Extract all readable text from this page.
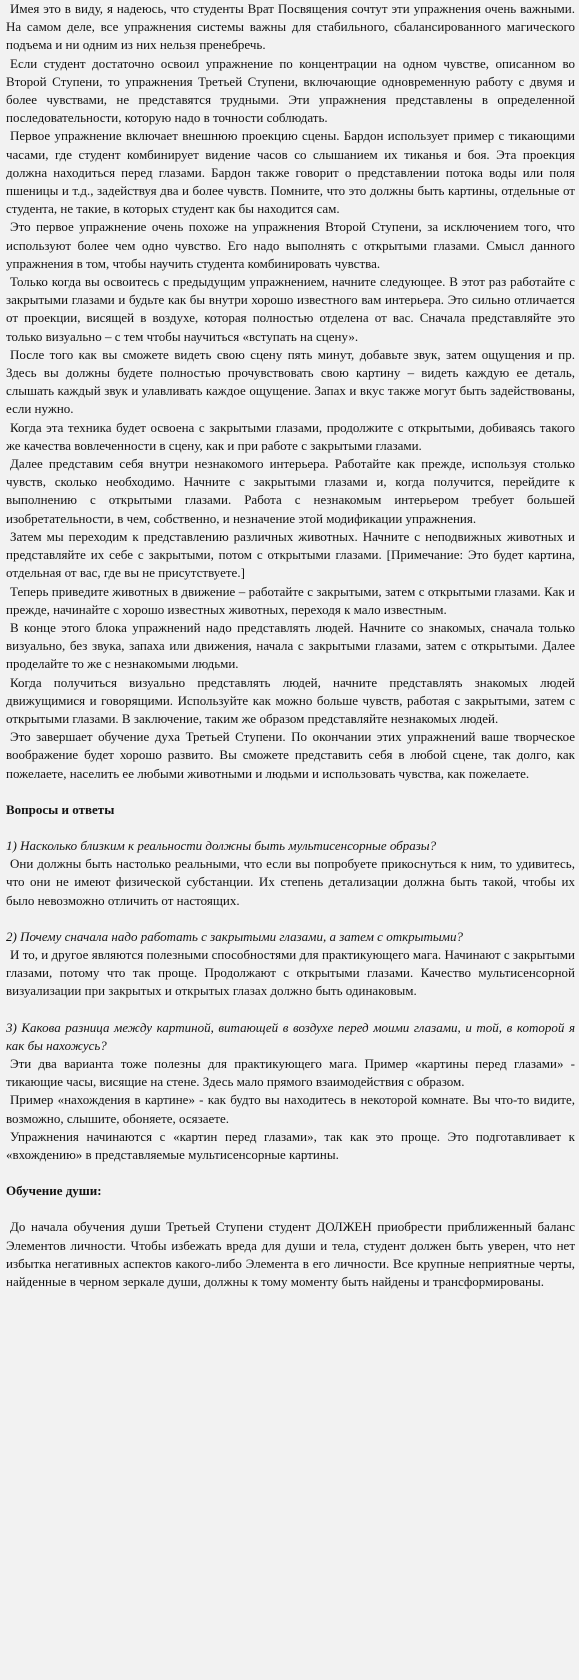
Имея это в виду, я надеюсь, что студенты Врат Посвящения сочтут эти упражнения очень важными. На самом деле, все упражнения системы важны для стабильного, сбалансированного магического подъема и ни одним из них нельзя пренебречь.

Если студент достаточно освоил упражнение по концентрации на одном чувстве, описанном во Второй Ступени, то упражнения Третьей Ступени, включающие одновременную работу с двумя и более чувствами, не представятся трудными. Эти упражнения представлены в определенной последовательности, которую надо в точности соблюдать.

Первое упражнение включает внешнюю проекцию сцены. Бардон использует пример с тикающими часами, где студент комбинирует видение часов со слышанием их тиканья и боя. Эта проекция должна находиться перед глазами. Бардон также говорит о представлении потока воды или поля пшеницы и т.д., задействуя два и более чувств. Помните, что это должны быть картины, отдельные от студента, не такие, в которых студент как бы находится сам.

Это первое упражнение очень похоже на упражнения Второй Ступени, за исключением того, что используют более чем одно чувство. Его надо выполнять с открытыми глазами. Смысл данного упражнения в том, чтобы научить студента комбинировать чувства.

Только когда вы освоитесь с предыдущим упражнением, начните следующее. В этот раз работайте с закрытыми глазами и будьте как бы внутри хорошо известного вам интерьера. Это сильно отличается от проекции, висящей в воздухе, которая полностью отделена от вас. Сначала представляйте это только визуально – с тем чтобы научиться «вступать на сцену».

После того как вы сможете видеть свою сцену пять минут, добавьте звук, затем ощущения и пр. Здесь вы должны будете полностью прочувствовать свою картину – видеть каждую ее деталь, слышать каждый звук и улавливать каждое ощущение. Запах и вкус также могут быть задействованы, если нужно.

Когда эта техника будет освоена с закрытыми глазами, продолжите с открытыми, добиваясь такого же качества вовлеченности в сцену, как и при работе с закрытыми глазами.

Далее представим себя внутри незнакомого интерьера. Работайте как прежде, используя столько чувств, сколько необходимо. Начните с закрытыми глазами и, когда получится, перейдите к выполнению с открытыми глазами. Работа с незнакомым интерьером требует большей изобретательности, в чем, собственно, и незначение этой модификации упражнения.

Затем мы переходим к представлению различных животных. Начните с неподвижных животных и представляйте их себе с закрытыми, потом с открытыми глазами. [Примечание: Это будет картина, отдельная от вас, где вы не присутствуете.]

Теперь приведите животных в движение – работайте с закрытыми, затем с открытыми глазами. Как и прежде, начинайте с хорошо известных животных, переходя к мало известным.

В конце этого блока упражнений надо представлять людей. Начните со знакомых, сначала только визуально, без звука, запаха или движения, начала с закрытыми глазами, затем с открытыми. Далее проделайте то же с незнакомыми людьми.

Когда получиться визуально представлять людей, начните представлять знакомых людей движущимися и говорящими. Используйте как можно больше чувств, работая с закрытыми, затем с открытыми глазами. В заключение, таким же образом представляйте незнакомых людей.

Это завершает обучение духа Третьей Ступени. По окончании этих упражнений ваше творческое воображение будет хорошо развито. Вы сможете представить себя в любой сцене, так долго, как пожелаете, населить ее любыми животными и людьми и использовать чувства, как пожелаете.

Вопросы и ответы

1) Насколько близким к реальности должны быть мультисенсорные образы?

Они должны быть настолько реальными, что если вы попробуете прикоснуться к ним, то удивитесь, что они не имеют физической субстанции. Их степень детализации должна быть такой, чтобы их было невозможно отличить от настоящих.

2) Почему сначала надо работать с закрытыми глазами, а затем с открытыми?

И то, и другое являются полезными способностями для практикующего мага. Начинают с закрытыми глазами, потому что так проще. Продолжают с открытыми глазами. Качество мультисенсорной визуализации при закрытых и открытых глазах должно быть одинаковым.

3) Какова разница между картиной, витающей в воздухе перед моими глазами, и той, в которой я как бы нахожусь?

Эти два варианта тоже полезны для практикующего мага. Пример «картины перед глазами» - тикающие часы, висящие на стене. Здесь мало прямого взаимодействия с образом.

Пример «нахождения в картине» - как будто вы находитесь в некоторой комнате. Вы что-то видите, возможно, слышите, обоняете, осязаете.

Упражнения начинаются с «картин перед глазами», так как это проще. Это подготавливает к «вхождению» в представляемые мультисенсорные картины.

Обучение души:

До начала обучения души Третьей Ступени студент ДОЛЖЕН приобрести приближенный баланс Элементов личности. Чтобы избежать вреда для души и тела, студент должен быть уверен, что нет избытка негативных аспектов какого-либо Элемента в его личности. Все крупные неприятные черты, найденные в черном зеркале души, должны к тому моменту быть найдены и трансформированы.
